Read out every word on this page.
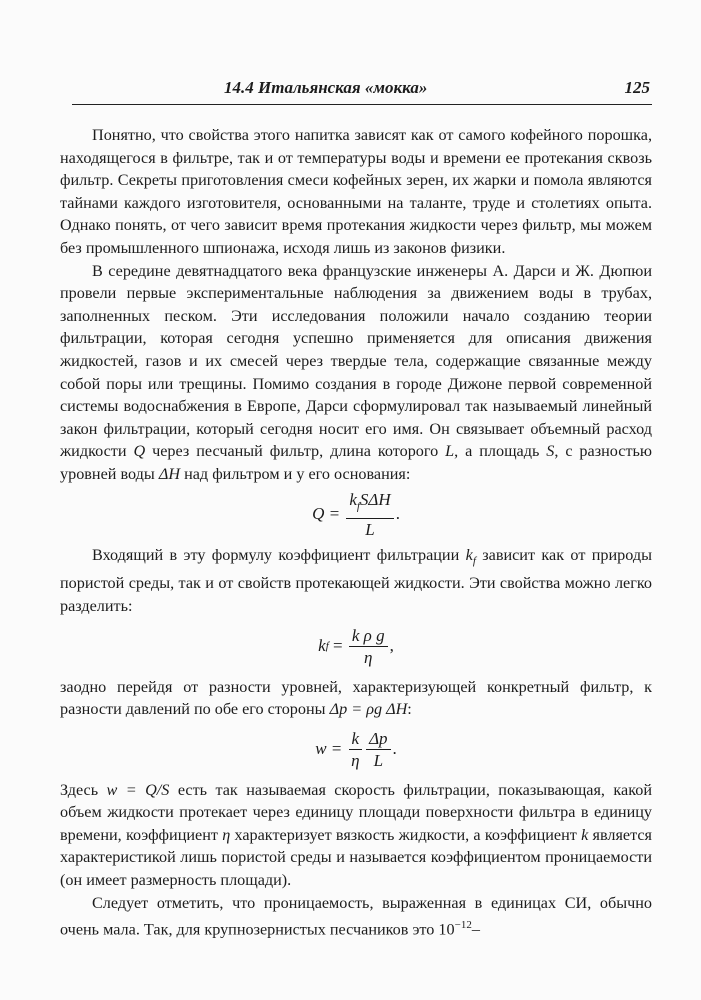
14.4 Итальянская «мокка»	125

Понятно, что свойства этого напитка зависят как от самого кофейного порошка, находящегося в фильтре, так и от температуры воды и времени ее протекания сквозь фильтр. Секреты приготовления смеси кофейных зерен, их жарки и помола являются тайнами каждого изготовителя, основанными на таланте, труде и столетиях опыта. Однако понять, от чего зависит время протекания жидкости через фильтр, мы можем без промышленного шпионажа, исходя лишь из законов физики.

В середине девятнадцатого века французские инженеры А. Дарси и Ж. Дюпюи провели первые экспериментальные наблюдения за движением воды в трубах, заполненных песком. Эти исследования положили начало созданию теории фильтрации, которая сегодня успешно применяется для описания движения жидкостей, газов и их смесей через твердые тела, содержащие связанные между собой поры или трещины. Помимо создания в городе Дижоне первой современной системы водоснабжения в Европе, Дарси сформулировал так называемый линейный закон фильтрации, который сегодня носит его имя. Он связывает объемный расход жидкости Q через песчаный фильтр, длина которого L, а площадь S, с разностью уровней воды ΔH над фильтром и у его основания:

Q =
$\frac{k_fS\Delta H}{L}$ .

Входящий в эту формулу коэффициент фильтрации $k_f$ зависит как от природы пористой среды, так и от свойств протекающей жидкости. Эти свойства можно легко разделить:

k f
=
$\frac{\text{k ρ g}}{\eta}$ ,

заодно перейдя от разности уровней, характеризующей конкретный фильтр, к разности давлений по обе его стороны Δp = ρg ΔH:

w =
$\frac{k}{\eta} \frac{\Delta p}{L}$ .

Здесь w = Q/S есть так называемая скорость фильтрации, показывающая, какой объем жидкости протекает через единицу площади поверхности фильтра в единицу времени, коэффициент η характеризует вязкость жидкости, а коэффициент k является характеристикой лишь пористой среды и называется коэффициентом проницаемости (он имеет размерность площади).

Следует отметить, что проницаемость, выраженная в единицах СИ, обычно очень мала. Так, для крупнозернистых песчаников это $10^{-12}-$
